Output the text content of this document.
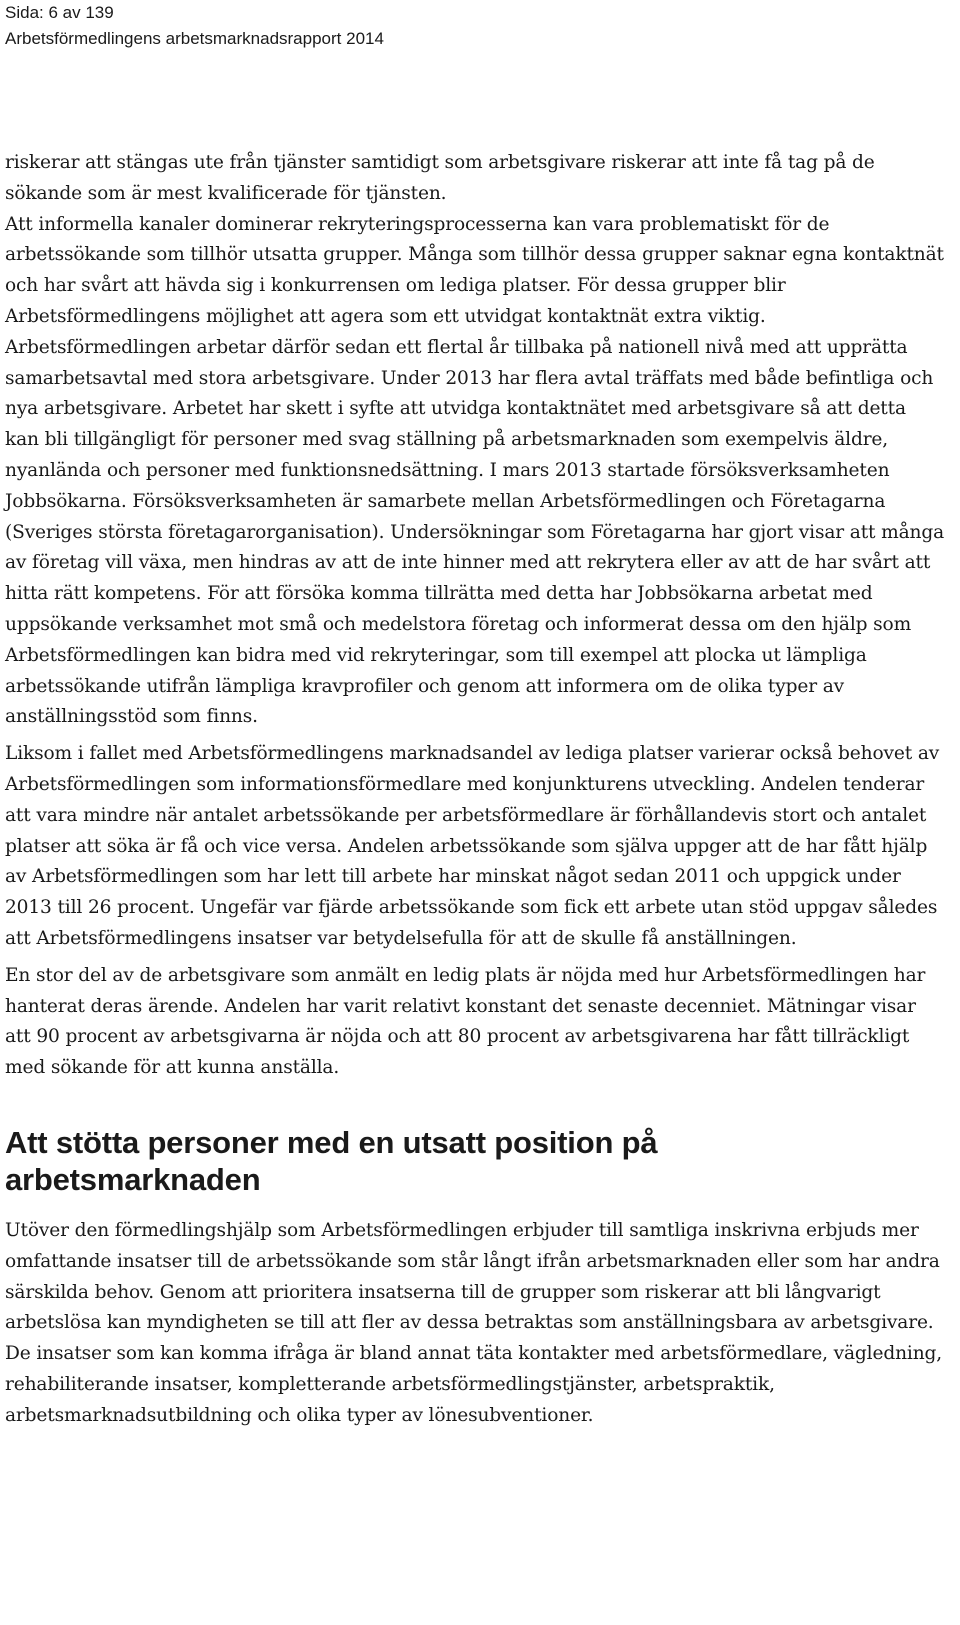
Sida: 6 av 139
Arbetsförmedlingens arbetsmarknadsrapport 2014

riskerar att stängas ute från tjänster samtidigt som arbetsgivare riskerar att inte få tag på de sökande som är mest kvalificerade för tjänsten.

Att informella kanaler dominerar rekryteringsprocesserna kan vara problematiskt för de arbetssökande som tillhör utsatta grupper. Många som tillhör dessa grupper saknar egna kontaktnät och har svårt att hävda sig i konkurrensen om lediga platser. För dessa grupper blir Arbetsförmedlingens möjlighet att agera som ett utvidgat kontaktnät extra viktig. Arbetsförmedlingen arbetar därför sedan ett flertal år tillbaka på nationell nivå med att upprätta samarbetsavtal med stora arbetsgivare. Under 2013 har flera avtal träffats med både befintliga och nya arbetsgivare. Arbetet har skett i syfte att utvidga kontaktnätet med arbetsgivare så att detta kan bli tillgängligt för personer med svag ställning på arbetsmarknaden som exempelvis äldre, nyanlända och personer med funktionsnedsättning. I mars 2013 startade försöksverksamheten Jobbsökarna. Försöksverksamheten är samarbete mellan Arbetsförmedlingen och Företagarna (Sveriges största företagarorganisation). Undersökningar som Företagarna har gjort visar att många av företag vill växa, men hindras av att de inte hinner med att rekrytera eller av att de har svårt att hitta rätt kompetens. För att försöka komma tillrätta med detta har Jobbsökarna arbetat med uppsökande verksamhet mot små och medelstora företag och informerat dessa om den hjälp som Arbetsförmedlingen kan bidra med vid rekryteringar, som till exempel att plocka ut lämpliga arbetssökande utifrån lämpliga kravprofiler och genom att informera om de olika typer av anställningsstöd som finns.

Liksom i fallet med Arbetsförmedlingens marknadsandel av lediga platser varierar också behovet av Arbetsförmedlingen som informationsförmedlare med konjunkturens utveckling. Andelen tenderar att vara mindre när antalet arbetssökande per arbetsförmedlare är förhållandevis stort och antalet platser att söka är få och vice versa. Andelen arbetssökande som själva uppger att de har fått hjälp av Arbetsförmedlingen som har lett till arbete har minskat något sedan 2011 och uppgick under 2013 till 26 procent. Ungefär var fjärde arbetssökande som fick ett arbete utan stöd uppgav således att Arbetsförmedlingens insatser var betydelsefulla för att de skulle få anställningen.

En stor del av de arbetsgivare som anmält en ledig plats är nöjda med hur Arbetsförmedlingen har hanterat deras ärende. Andelen har varit relativt konstant det senaste decenniet. Mätningar visar att 90 procent av arbetsgivarna är nöjda och att 80 procent av arbetsgivarena har fått tillräckligt med sökande för att kunna anställa.

Att stötta personer med en utsatt position på arbetsmarknaden

Utöver den förmedlingshjälp som Arbetsförmedlingen erbjuder till samtliga inskrivna erbjuds mer omfattande insatser till de arbetssökande som står långt ifrån arbetsmarknaden eller som har andra särskilda behov. Genom att prioritera insatserna till de grupper som riskerar att bli långvarigt arbetslösa kan myndigheten se till att fler av dessa betraktas som anställningsbara av arbetsgivare. De insatser som kan komma ifråga är bland annat täta kontakter med arbetsförmedlare, vägledning, rehabiliterande insatser, kompletterande arbetsförmedlingstjänster, arbetspraktik, arbetsmarknadsutbildning och olika typer av lönesubventioner.
